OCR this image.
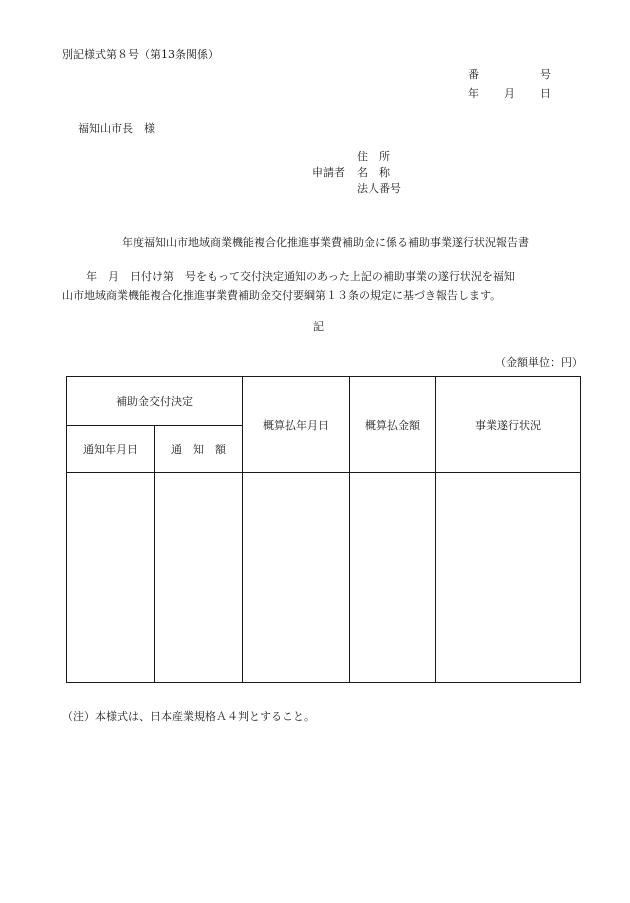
別記様式第８号（第13条関係）
番	号
年 月 日
福知山市長　様
住　所
申請者 名　称
法人番号
年度福知山市地域商業機能複合化推進事業費補助金に係る補助事業遂行状況報告書
年　月　日付け第　号をもって交付決定通知のあった上記の補助事業の遂行状況を福知
山市地域商業機能複合化推進事業費補助金交付要綱第１３条の規定に基づき報告します。
記
（金額単位：円）
補助金交付決定		概算払年月日	概算払金額	事業遂行状況
通知年月日	通　知　額			

（注）本様式は、日本産業規格Ａ４判とすること。
